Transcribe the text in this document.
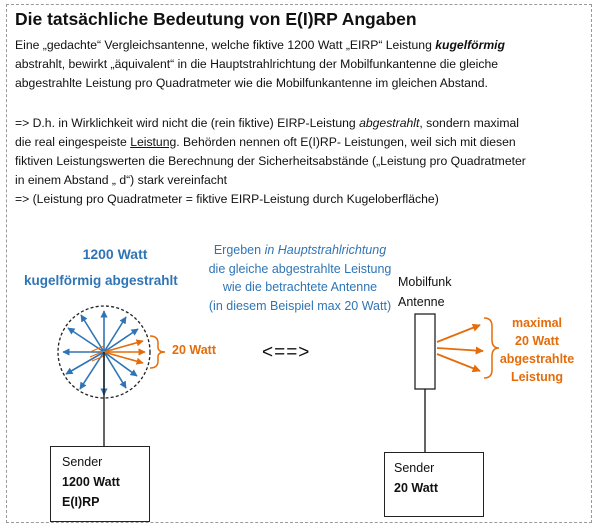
Die tatsächliche Bedeutung von E(I)RP Angaben
Eine „gedachte“ Vergleichsantenne, welche fiktive 1200 Watt „EIRP“ Leistung kugelförmig
abstrahlt, bewirkt „äquivalent“ in die Hauptstrahlrichtung der Mobilfunkantenne die gleiche
abgestrahlte Leistung pro Quadratmeter wie die Mobilfunkantenne im gleichen Abstand.
=> D.h. in Wirklichkeit wird nicht die (rein fiktive) EIRP-Leistung abgestrahlt, sondern maximal
die real eingespeiste Leistung. Behörden nennen oft E(I)RP- Leistungen, weil sich mit diesen
fiktiven Leistungswerten die Berechnung der Sicherheitsabstände („Leistung pro Quadratmeter
in einem Abstand „ d“) stark vereinfacht
=> (Leistung pro Quadratmeter = fiktive EIRP-Leistung durch Kugeloberfläche)
1200 Watt
kugelförmig abgestrahlt
20 Watt
Ergeben in Hauptstrahlrichtung
die gleiche abgestrahlte Leistung
wie die betrachtete Antenne
(in diesem Beispiel max 20 Watt)
<==>
Mobilfunk
Antenne
maximal
20 Watt
abgestrahlte
Leistung
Sender
1200 Watt
E(I)RP
Sender
20 Watt
